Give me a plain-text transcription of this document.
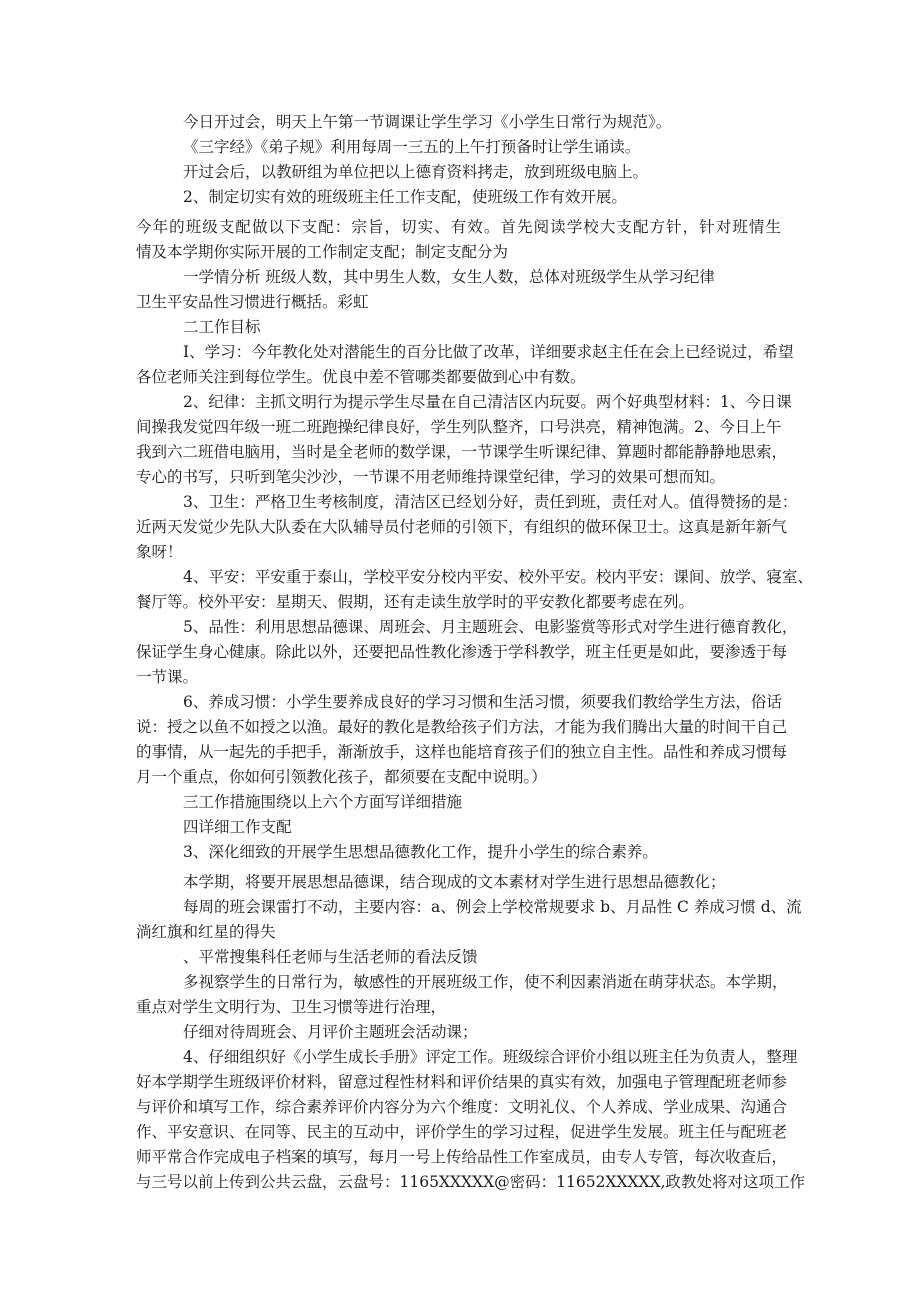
今日开过会，明天上午第一节调课让学生学习《小学生日常行为规范》。

《三字经》《弟子规》利用每周一三五的上午打预备时让学生诵读。

开过会后，以教研组为单位把以上德育资料拷走，放到班级电脑上。

2、制定切实有效的班级班主任工作支配，使班级工作有效开展。

今年的班级支配做以下支配：宗旨，切实、有效。首先阅读学校大支配方针，针对班情生

情及本学期你实际开展的工作制定支配；制定支配分为

一学情分析 班级人数，其中男生人数，女生人数，总体对班级学生从学习纪律

卫生平安品性习惯进行概括。彩虹

二工作目标

I、学习：今年教化处对潜能生的百分比做了改革，详细要求赵主任在会上已经说过，希望

各位老师关注到每位学生。优良中差不管哪类都要做到心中有数。

2、纪律：主抓文明行为提示学生尽量在自己清洁区内玩耍。两个好典型材料：1、今日课

间操我发觉四年级一班二班跑操纪律良好，学生列队整齐，口号洪亮，精神饱满。2、今日上午

我到六二班借电脑用，当时是全老师的数学课，一节课学生听课纪律、算题时都能静静地思索，

专心的书写，只听到笔尖沙沙，一节课不用老师维持课堂纪律，学习的效果可想而知。

3、卫生：严格卫生考核制度，清洁区已经划分好，责任到班，责任对人。值得赞扬的是：

近两天发觉少先队大队委在大队辅导员付老师的引领下，有组织的做环保卫士。这真是新年新气

象呀！

4、平安：平安重于泰山，学校平安分校内平安、校外平安。校内平安：课间、放学、寝室、

餐厅等。校外平安：星期天、假期，还有走读生放学时的平安教化都要考虑在列。

5、品性：利用思想品德课、周班会、月主题班会、电影鉴赏等形式对学生进行德育教化，

保证学生身心健康。除此以外，还要把品性教化渗透于学科教学，班主任更是如此，要渗透于每

一节课。

6、养成习惯：小学生要养成良好的学习习惯和生活习惯，须要我们教给学生方法，俗话

说：授之以鱼不如授之以渔。最好的教化是教给孩子们方法，才能为我们腾出大量的时间干自己

的事情，从一起先的手把手，渐渐放手，这样也能培育孩子们的独立自主性。品性和养成习惯每

月一个重点，你如何引领教化孩子，都须要在支配中说明。）

三工作措施围绕以上六个方面写详细措施

四详细工作支配

3、深化细致的开展学生思想品德教化工作，提升小学生的综合素养。

本学期，将要开展思想品德课，结合现成的文本素材对学生进行思想品德教化；

每周的班会课雷打不动，主要内容：a、例会上学校常规要求 b、月品性 C 养成习惯 d、流

淌红旗和红星的得失

、平常搜集科任老师与生活老师的看法反馈

多视察学生的日常行为，敏感性的开展班级工作，使不利因素消逝在萌芽状态。本学期，

重点对学生文明行为、卫生习惯等进行治理，

仔细对待周班会、月评价主题班会活动课；

4、仔细组织好《小学生成长手册》评定工作。班级综合评价小组以班主任为负责人，整理

好本学期学生班级评价材料，留意过程性材料和评价结果的真实有效，加强电子管理配班老师参

与评价和填写工作，综合素养评价内容分为六个维度：文明礼仪、个人养成、学业成果、沟通合

作、平安意识、在同等、民主的互动中，评价学生的学习过程，促进学生发展。班主任与配班老

师平常合作完成电子档案的填写，每月一号上传给品性工作室成员，由专人专管，每次收查后，

与三号以前上传到公共云盘，云盘号：1165XXXXX@密码：11652XXXXX,政教处将对这项工作
